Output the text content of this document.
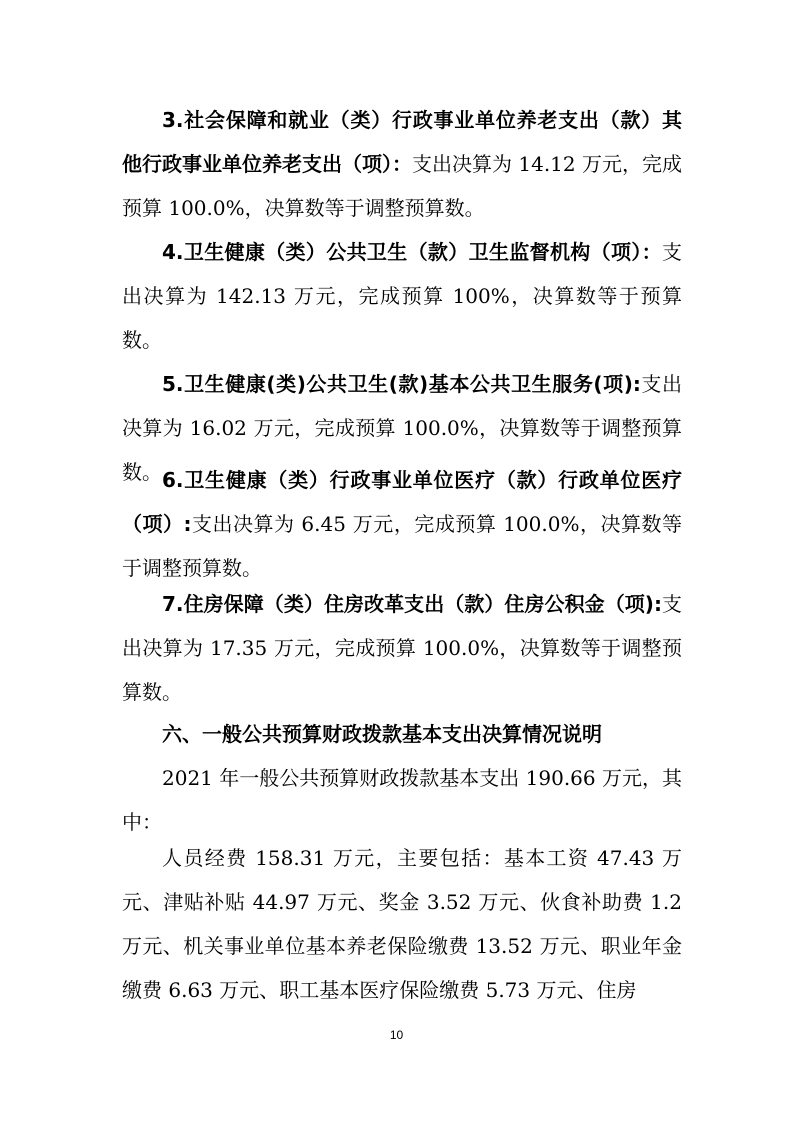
3.社会保障和就业（类）行政事业单位养老支出（款）其他行政事业单位养老支出（项）：支出决算为 14.12 万元，完成预算 100.0%，决算数等于调整预算数。

4.卫生健康（类）公共卫生（款）卫生监督机构（项）：支出决算为 142.13 万元，完成预算 100%，决算数等于预算数。

5.卫生健康(类)公共卫生(款)基本公共卫生服务(项):支出决算为 16.02 万元，完成预算 100.0%，决算数等于调整预算数。 6.卫生健康（类）行政事业单位医疗（款）行政单位医疗（项）:支出决算为 6.45 万元，完成预算 100.0%，决算数等于调整预算数。

7.住房保障（类）住房改革支出（款）住房公积金（项):支出决算为 17.35 万元，完成预算 100.0%，决算数等于调整预算数。

六、一般公共预算财政拨款基本支出决算情况说明

2021 年一般公共预算财政拨款基本支出 190.66 万元，其中：

人员经费 158.31 万元，主要包括：基本工资 47.43 万元、津贴补贴 44.97 万元、奖金 3.52 万元、伙食补助费 1.2 万元、机关事业单位基本养老保险缴费 13.52 万元、职业年金缴费 6.63 万元、职工基本医疗保险缴费 5.73 万元、住房

10
